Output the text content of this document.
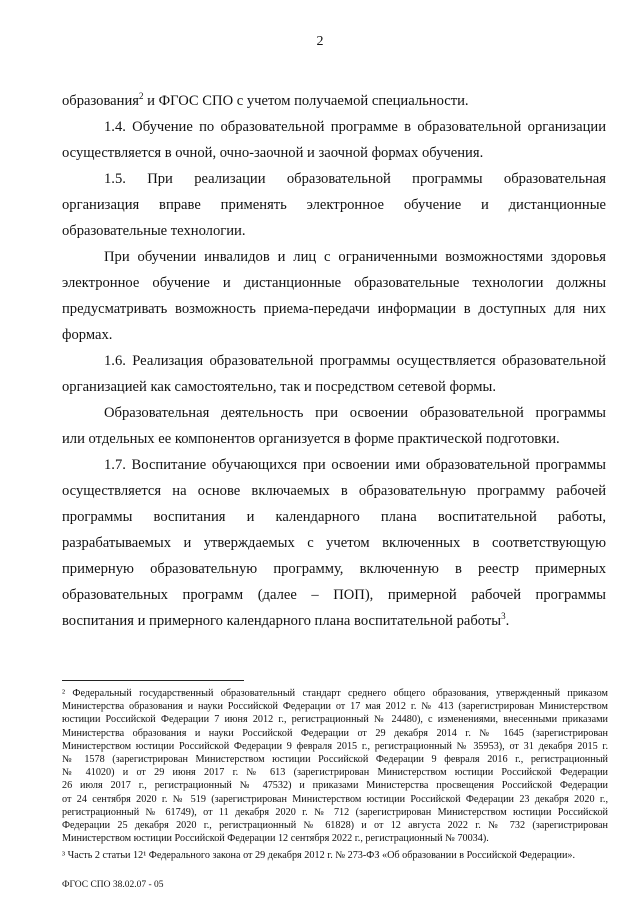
2
образования$^2$ и ФГОС СПО с учетом получаемой специальности.
1.4. Обучение по образовательной программе в образовательной организации
осуществляется в очной, очно-заочной и заочной формах обучения.
1.5. При реализации образовательной программы образовательная
организация вправе применять электронное обучение и дистанционные
образовательные технологии.
При обучении инвалидов и лиц с ограниченными возможностями здоровья
электронное обучение и дистанционные образовательные технологии должны
предусматривать возможность приема-передачи информации в доступных для них
формах.
1.6. Реализация образовательной программы осуществляется образовательной
организацией как самостоятельно, так и посредством сетевой формы.
Образовательная деятельность при освоении образовательной программы
или отдельных ее компонентов организуется в форме практической подготовки.
1.7. Воспитание обучающихся при освоении ими образовательной программы
осуществляется на основе включаемых в образовательную программу рабочей
программы воспитания и календарного плана воспитательной работы,
разрабатываемых и утверждаемых с учетом включенных в соответствующую
примерную образовательную программу, включенную в реестр примерных
образовательных программ (далее – ПОП), примерной рабочей программы
воспитания и примерного календарного плана воспитательной работы$^3$.
² Федеральный государственный образовательный стандарт среднего общего образования, утвержденный приказом
Министерства образования и науки Российской Федерации от 17 мая 2012 г. № 413 (зарегистрирован Министерством
юстиции Российской Федерации 7 июня 2012 г., регистрационный № 24480), с изменениями, внесенными приказами
Министерства образования и науки Российской Федерации от 29 декабря 2014 г. № 1645 (зарегистрирован
Министерством юстиции Российской Федерации 9 февраля 2015 г., регистрационный № 35953), от 31 декабря 2015 г.
№ 1578 (зарегистрирован Министерством юстиции Российской Федерации 9 февраля 2016 г., регистрационный
№ 41020) и от 29 июня 2017 г. № 613 (зарегистрирован Министерством юстиции Российской Федерации
26 июля 2017 г., регистрационный № 47532) и приказами Министерства просвещения Российской Федерации
от 24 сентября 2020 г. № 519 (зарегистрирован Министерством юстиции Российской Федерации 23 декабря 2020 г.,
регистрационный № 61749), от 11 декабря 2020 г. № 712 (зарегистрирован Министерством юстиции Российской
Федерации 25 декабря 2020 г., регистрационный № 61828) и от 12 августа 2022 г. № 732 (зарегистрирован
Министерством юстиции Российской Федерации 12 сентября 2022 г., регистрационный № 70034).
³ Часть 2 статьи 12¹ Федерального закона от 29 декабря 2012 г. № 273-ФЗ «Об образовании в Российской Федерации».
ФГОС СПО 38.02.07 - 05
